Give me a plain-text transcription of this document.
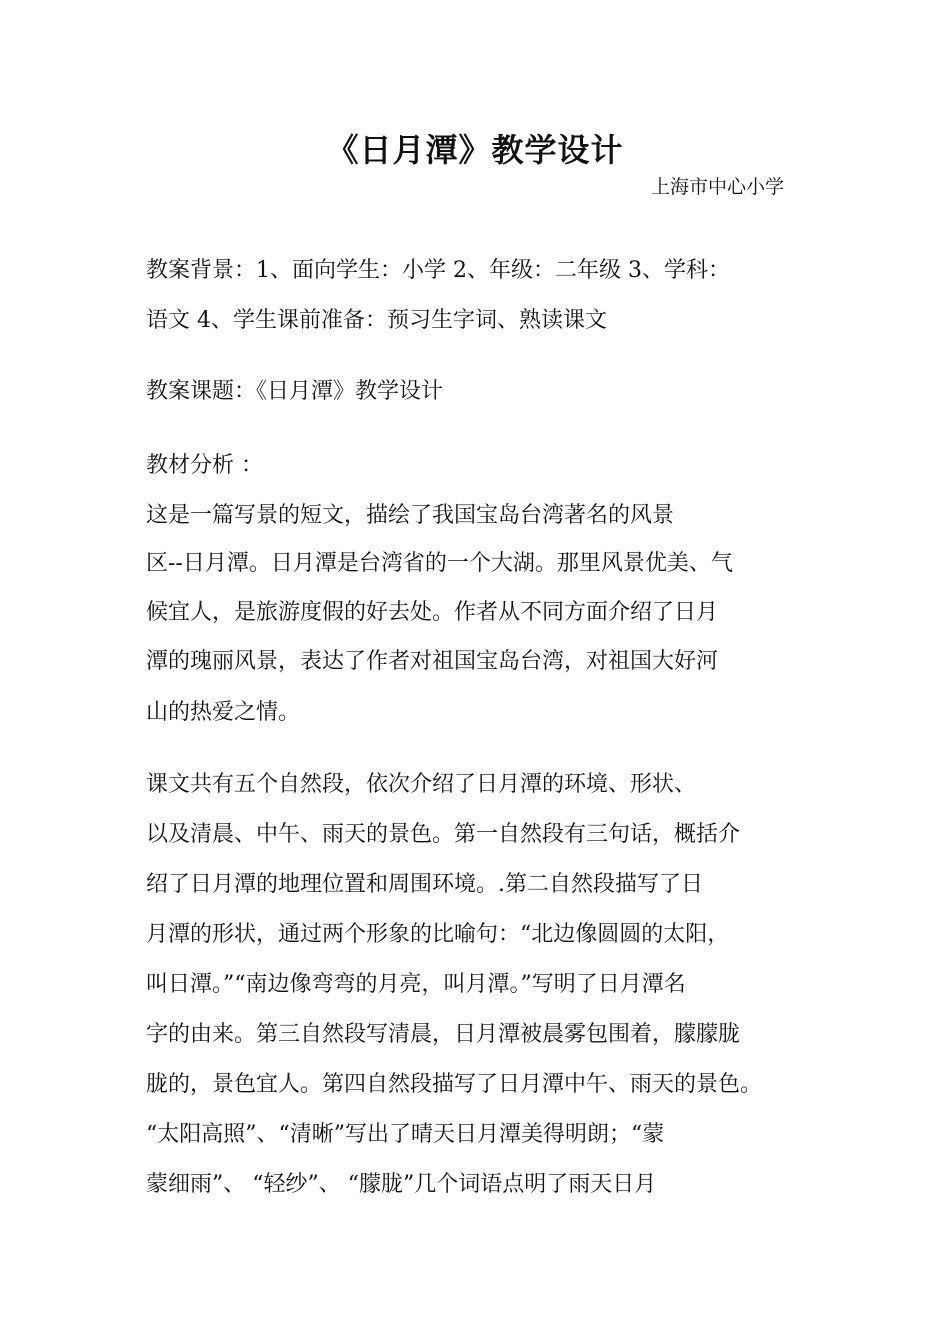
《日月潭》教学设计
上海市中心小学
教案背景：1、面向学生：小学 2、年级：二年级 3、学科：
语文 4、学生课前准备：预习生字词、熟读课文
教案课题：《日月潭》教学设计
教材分析 ：
这是一篇写景的短文，描绘了我国宝岛台湾著名的风景
区--日月潭。日月潭是台湾省的一个大湖。那里风景优美、气
候宜人，是旅游度假的好去处。作者从不同方面介绍了日月
潭的瑰丽风景，表达了作者对祖国宝岛台湾，对祖国大好河
山的热爱之情。
课文共有五个自然段，依次介绍了日月潭的环境、形状、
以及清晨、中午、雨天的景色。第一自然段有三句话，概括介
绍了日月潭的地理位置和周围环境。.第二自然段描写了日
月潭的形状，通过两个形象的比喻句：“北边像圆圆的太阳，
叫日潭。”“南边像弯弯的月亮，叫月潭。”写明了日月潭名
字的由来。第三自然段写清晨，日月潭被晨雾包围着，朦朦胧
胧的，景色宜人。第四自然段描写了日月潭中午、雨天的景色。
“太阳高照”、“清晰”写出了晴天日月潭美得明朗；“蒙
蒙细雨”、 “轻纱”、 “朦胧”几个词语点明了雨天日月
